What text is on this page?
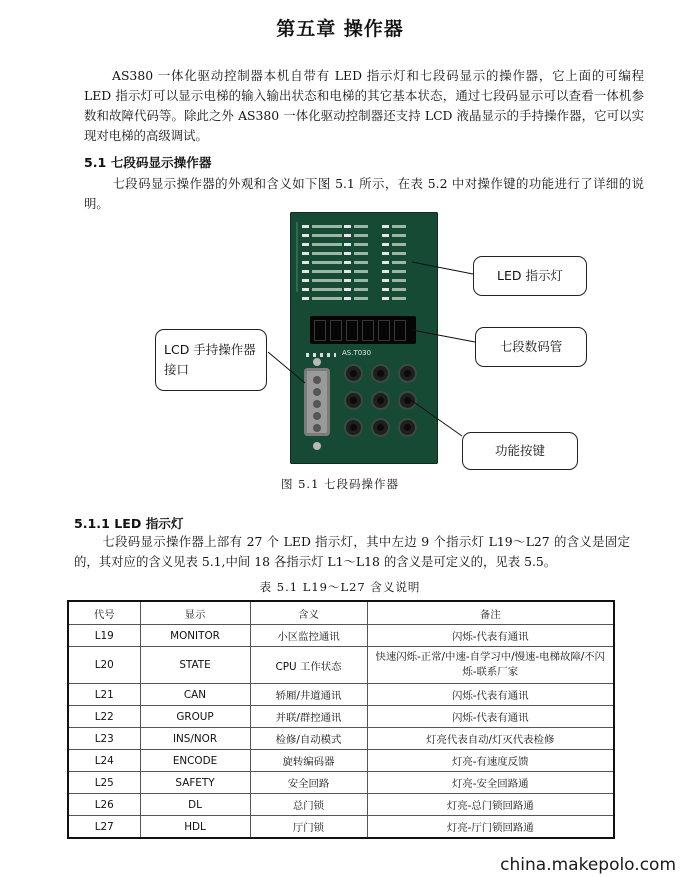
第五章 操作器
AS380 一体化驱动控制器本机自带有 LED 指示灯和七段码显示的操作器，它上面的可编程 LED 指示灯可以显示电梯的输入输出状态和电梯的其它基本状态，通过七段码显示可以查看一体机参数和故障代码等。除此之外 AS380 一体化驱动控制器还支持 LCD 液晶显示的手持操作器，它可以实现对电梯的高级调试。
5.1 七段码显示操作器
七段码显示操作器的外观和含义如下图 5.1 所示，在表 5.2 中对操作键的功能进行了详细的说明。
AS.T030
LED 指示灯
七段数码管
LCD 手持操作器接口
功能按键
图 5.1 七段码操作器
5.1.1 LED 指示灯
七段码显示操作器上部有 27 个 LED 指示灯，其中左边 9 个指示灯 L19～L27 的含义是固定的，其对应的含义见表 5.1,中间 18 各指示灯 L1～L18 的含义是可定义的，见表 5.5。
表 5.1 L19～L27 含义说明
代号	显示	含义	备注
L19	MONITOR	小区监控通讯	闪烁-代表有通讯
L20	STATE	CPU 工作状态	快速闪烁-正常/中速-自学习中/慢速-电梯故障/不闪烁-联系厂家
L21	CAN	轿厢/井道通讯	闪烁-代表有通讯
L22	GROUP	并联/群控通讯	闪烁-代表有通讯
L23	INS/NOR	检修/自动模式	灯亮代表自动/灯灭代表检修
L24	ENCODE	旋转编码器	灯亮-有速度反馈
L25	SAFETY	安全回路	灯亮-安全回路通
L26	DL	总门锁	灯亮-总门锁回路通
L27	HDL	厅门锁	灯亮-厅门锁回路通
china.makepolo.com
